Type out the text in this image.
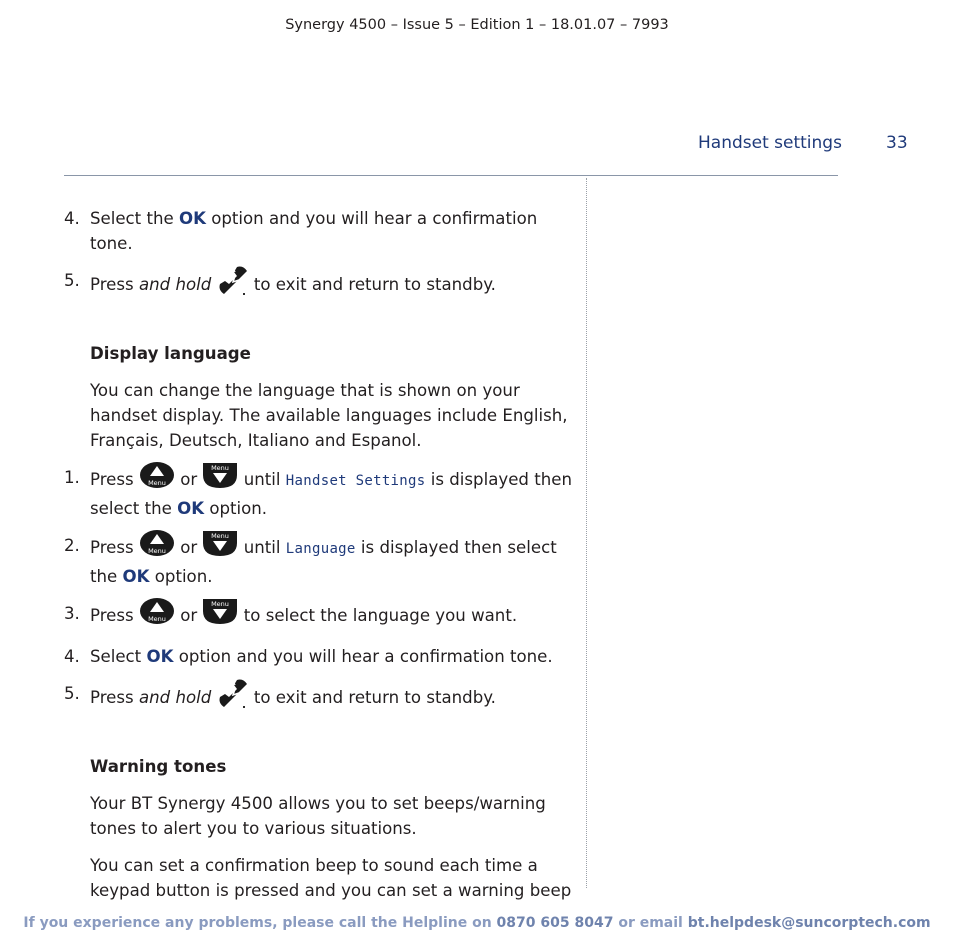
Synergy 4500 – Issue 5 – Edition 1 – 18.01.07 – 7993
Handset settings	33
4. Select the OK option and you will hear a confirmation tone.
5. Press and hold  to exit and return to standby.
Display language
You can change the language that is shown on your handset display. The available languages include English, Français, Deutsch, Italiano and Espanol.
1. Press Menu or
Menu
until Handset Settings is displayed then select the OK option.
2. Press Menu or
Menu
until Language is displayed then select the OK option.
3. Press Menu or
Menu
to select the language you want.
4. Select OK option and you will hear a confirmation tone.
5. Press and hold  to exit and return to standby.
Warning tones
Your BT Synergy 4500 allows you to set beeps/warning tones to alert you to various situations.
You can set a confirmation beep to sound each time a keypad button is pressed and you can set a warning beep
If you experience any problems, please call the Helpline on 0870 605 8047 or email bt.helpdesk@suncorptech.com
